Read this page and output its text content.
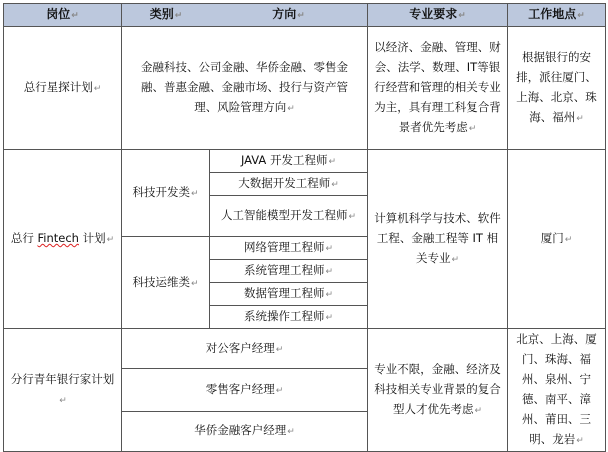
岗位↵	类别↵ 方向↵		专业要求↵	工作地点↵
总行星探计划↵	金融科技、公司金融、华侨金融、零售金融、普惠金融、金融市场、投行与资产管理、风险管理方向↵		以经济、金融、管理、财会、法学、数理、IT等银行经营和管理的相关专业为主，具有理工科复合背景者优先考虑↵	根据银行的安排，派往厦门、上海、北京、珠海、福州↵
总行 Fintech 计划↵	科技开发类↵	JAVA 开发工程师↵	计算机科学与技术、软件工程、金融工程等 IT 相关专业↵	厦门↵
		大数据开发工程师↵		
		人工智能模型开发工程师↵		
	科技运维类↵	网络管理工程师↵		
		系统管理工程师↵		
		数据管理工程师↵		
		系统操作工程师↵		
分行青年银行家计划↵	对公客户经理↵		专业不限，金融、经济及科技相关专业背景的复合型人才优先考虑↵	北京、上海、厦门、珠海、福州、泉州、宁德、南平、漳州、莆田、三明、龙岩↵
	零售客户经理↵			
	华侨金融客户经理↵			
